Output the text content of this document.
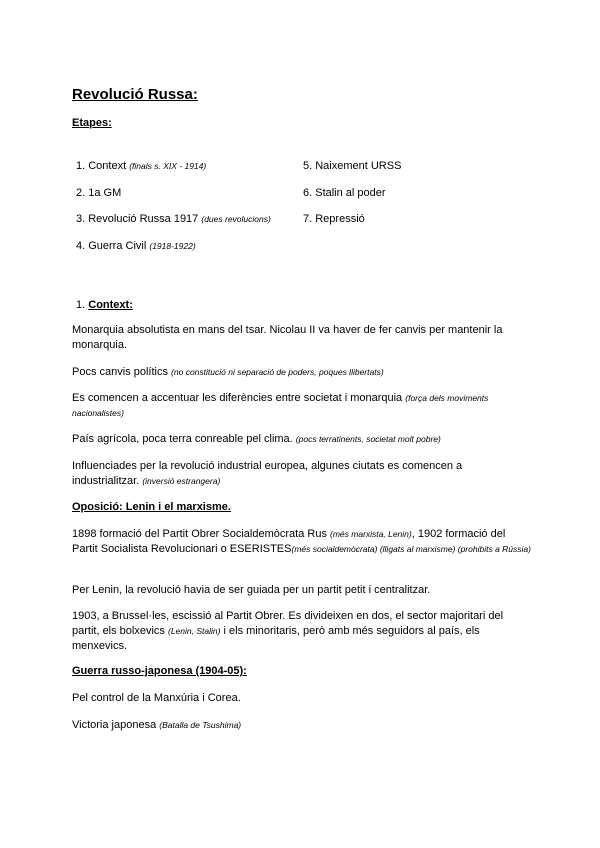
Revolució Russa:
Etapes:
1. Context (finals s. XIX - 1914)
2. 1a GM
3. Revolució Russa 1917 (dues revolucions)
4. Guerra Civil (1918-1922)
5. Naixement URSS
6. Stalin al poder
7. Repressió

1. Context:

Monarquia absolutista en mans del tsar. Nicolau II va haver de fer canvis per mantenir la monarquia.

Pocs canvis polítics (no constitució ni separació de poders, poques llibertats)

Es comencen a accentuar les diferències entre societat i monarquia (força dels moviments nacionalistes)

País agrícola, poca terra conreable pel clima. (pocs terratinents, societat molt pobre)

Influenciades per la revolució industrial europea, algunes ciutats es comencen a industrialitzar. (inversió estrangera)

Oposició: Lenin i el marxisme.

1898 formació del Partit Obrer Socialdemòcrata Rus (més marxista, Lenin), 1902 formació del Partit Socialista Revolucionari o ESERISTES(més socialdemòcrata) (lligats al marxisme) (prohibits a Rússia)

Per Lenin, la revolució havia de ser guiada per un partit petit i centralitzar.

1903, a Brussel·les, escissió al Partit Obrer. Es divideixen en dos, el sector majoritari del partit, els bolxevics (Lenin, Stalin) i els minoritaris, però amb més seguidors al país, els menxevics.

Guerra russo-japonesa (1904-05):

Pel control de la Manxúria i Corea.

Victoria japonesa (Batalla de Tsushima)
